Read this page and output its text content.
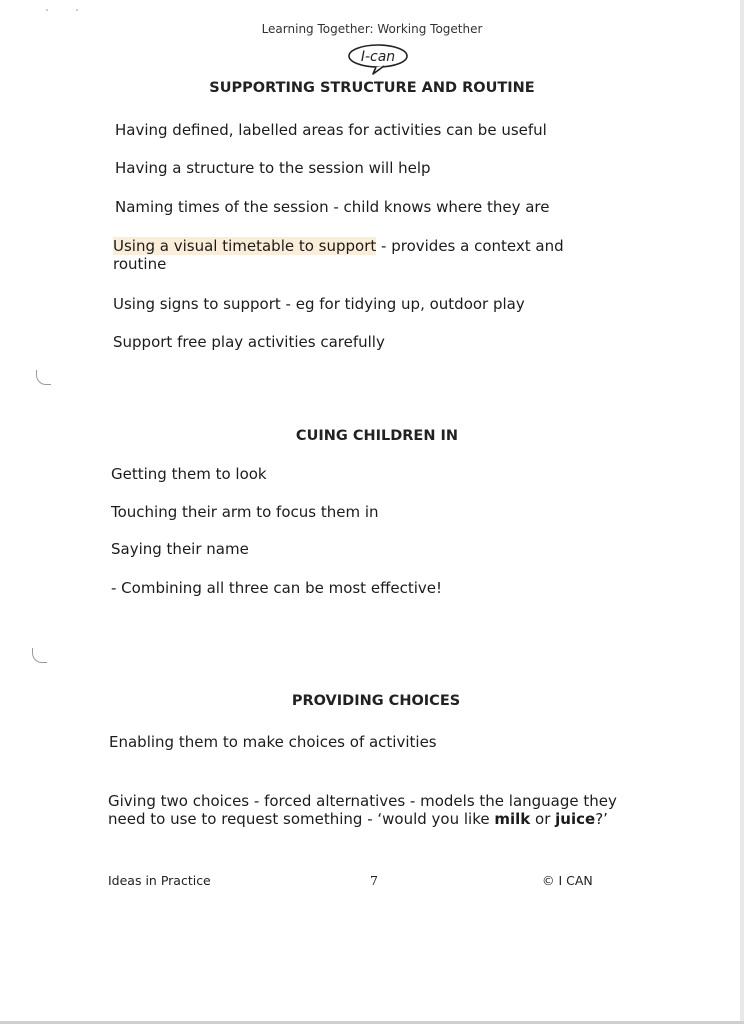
Learning Together: Working Together
I-can
SUPPORTING STRUCTURE AND ROUTINE
Having defined, labelled areas for activities can be useful
Having a structure to the session will help
Naming times of the session - child knows where they are
Using a visual timetable to support - provides a context and routine
Using signs to support - eg for tidying up, outdoor play
Support free play activities carefully
CUING CHILDREN IN
Getting them to look
Touching their arm to focus them in
Saying their name
- Combining all three can be most effective!
PROVIDING CHOICES
Enabling them to make choices of activities
Giving two choices - forced alternatives - models the language they need to use to request something - ‘would you like milk or juice?’
Ideas in Practice	7	© I CAN
